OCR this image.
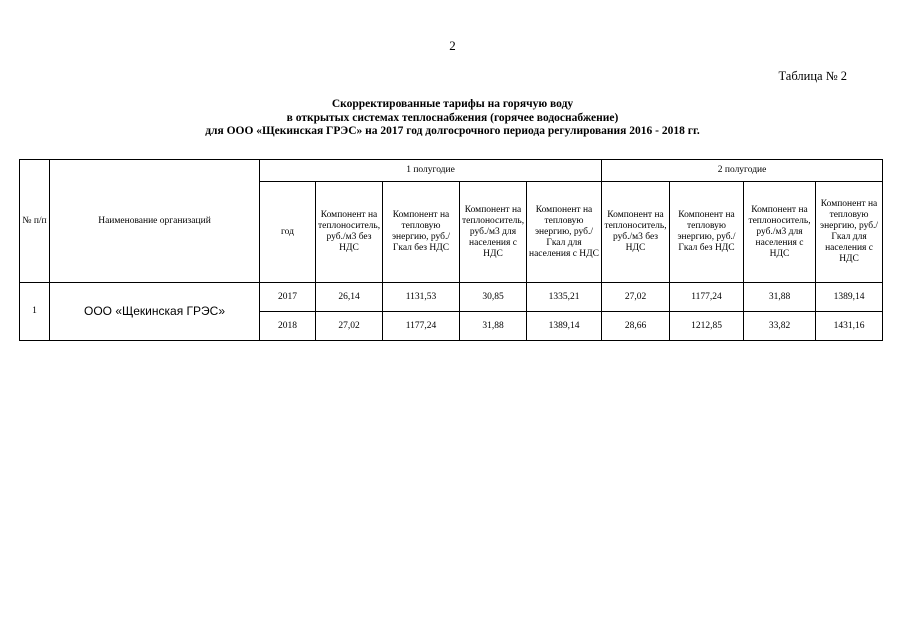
2
Таблица № 2
Скорректированные тарифы на горячую воду
в открытых системах теплоснабжения (горячее водоснабжение)
для ООО «Щекинская ГРЭС» на 2017 год долгосрочного периода регулирования 2016 - 2018 гг.
№ п/п	Наименование организаций	1 полугодие					2 полугодие			
		год	Компонент на теплоноситель, руб./м3 без НДС	Компонент на тепловую энергию, руб./Гкал без НДС	Компонент на теплоноситель, руб./м3 для населения с НДС	Компонент на тепловую энергию, руб./Гкал для населения с НДС	Компонент на теплоноситель, руб./м3 без НДС	Компонент на тепловую энергию, руб./Гкал без НДС	Компонент на теплоноситель, руб./м3 для населения с НДС	Компонент на тепловую энергию, руб./Гкал для населения с НДС
1	ООО «Щекинская ГРЭС»	2017	26,14	1131,53	30,85	1335,21	27,02	1177,24	31,88	1389,14
		2018	27,02	1177,24	31,88	1389,14	28,66	1212,85	33,82	1431,16
